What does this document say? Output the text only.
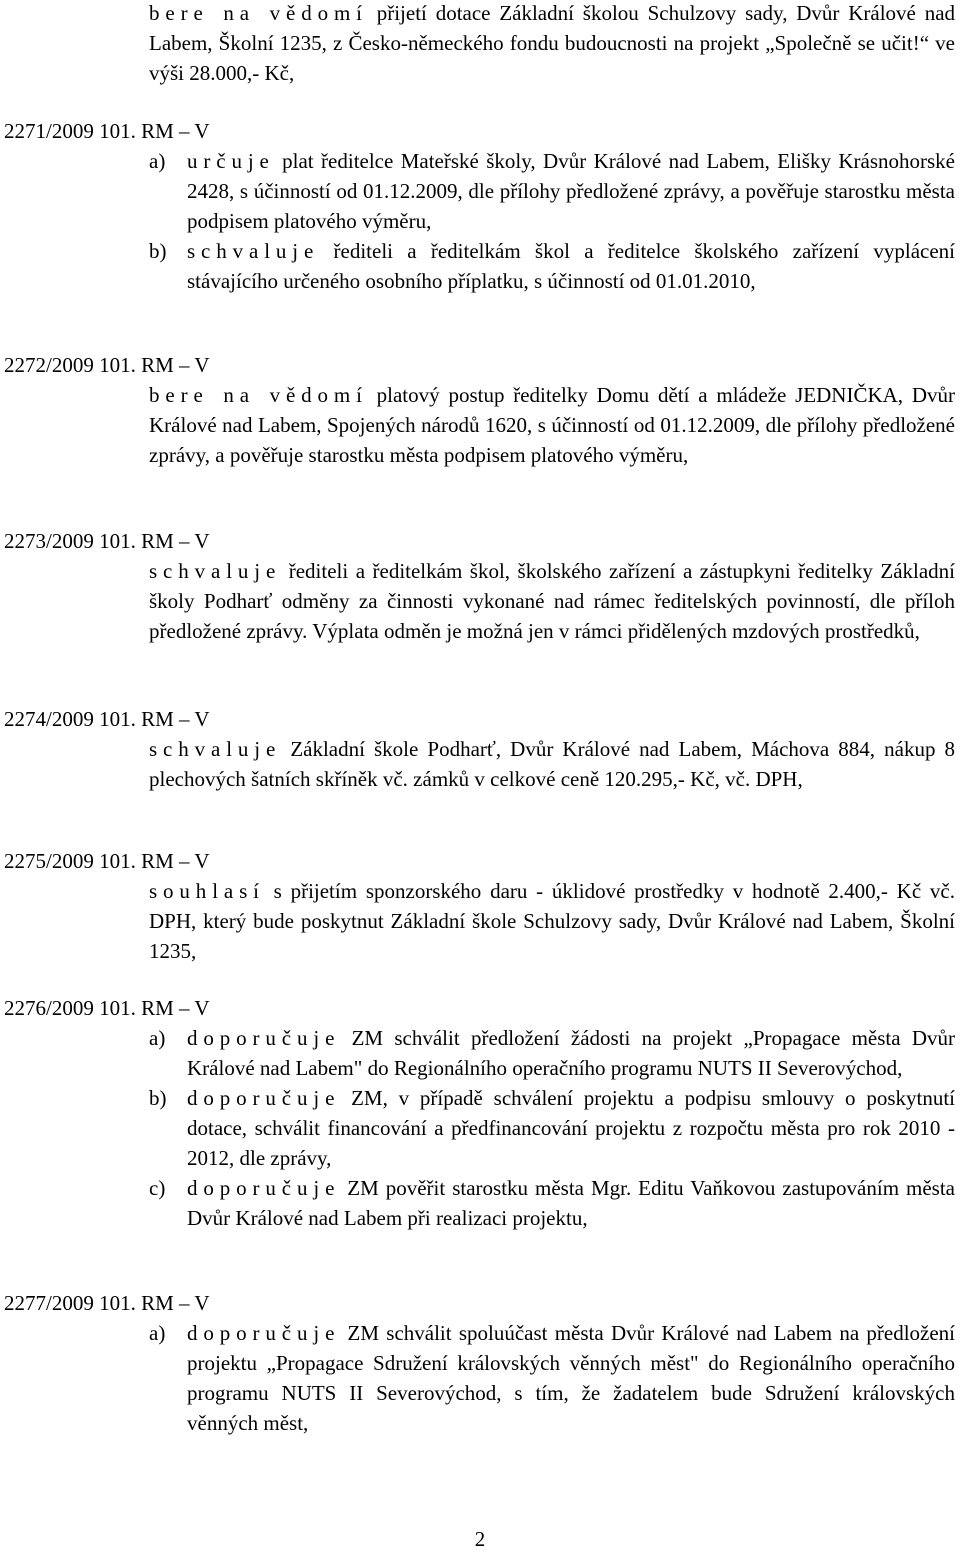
bere na vědomí přijetí dotace Základní školou Schulzovy sady, Dvůr Králové nad Labem, Školní 1235, z Česko-německého fondu budoucnosti na projekt „Společně se učit!“ ve výši 28.000,- Kč,
2271/2009 101. RM – V
a)	určuje plat ředitelce Mateřské školy, Dvůr Králové nad Labem, Elišky Krásnohorské 2428, s účinností od 01.12.2009, dle přílohy předložené zprávy, a pověřuje starostku města podpisem platového výměru,
b) schvaluje řediteli a ředitelkám škol a ředitelce školského zařízení vyplácení stávajícího určeného osobního příplatku, s účinností od 01.01.2010,
2272/2009 101. RM – V
bere na vědomí platový postup ředitelky Domu dětí a mládeže JEDNIČKA, Dvůr Králové nad Labem, Spojených národů 1620, s účinností od 01.12.2009, dle přílohy předložené zprávy, a pověřuje starostku města podpisem platového výměru,
2273/2009 101. RM – V
schvaluje řediteli a ředitelkám škol, školského zařízení a zástupkyni ředitelky Základní školy Podharť odměny za činnosti vykonané nad rámec ředitelských povinností, dle příloh předložené zprávy. Výplata odměn je možná jen v rámci přidělených mzdových prostředků,
2274/2009 101. RM – V
schvaluje Základní škole Podharť, Dvůr Králové nad Labem, Máchova 884, nákup 8 plechových šatních skříněk vč. zámků v celkové ceně 120.295,- Kč, vč. DPH,
2275/2009 101. RM – V
souhlasí s přijetím sponzorského daru - úklidové prostředky v hodnotě 2.400,- Kč vč. DPH, který bude poskytnut Základní škole Schulzovy sady, Dvůr Králové nad Labem, Školní 1235,
2276/2009 101. RM – V
a)	doporučuje ZM schválit předložení žádosti na projekt „Propagace města Dvůr Králové nad Labem" do Regionálního operačního programu NUTS II Severovýchod,
b) doporučuje ZM, v případě schválení projektu a podpisu smlouvy o poskytnutí dotace, schválit financování a předfinancování projektu z rozpočtu města pro rok 2010 - 2012, dle zprávy,
c)	doporučuje ZM pověřit starostku města Mgr. Editu Vaňkovou zastupováním města Dvůr Králové nad Labem při realizaci projektu,
2277/2009 101. RM – V
a)	doporučuje ZM schválit spoluúčast města Dvůr Králové nad Labem na předložení projektu „Propagace Sdružení královských věnných měst" do Regionálního operačního programu NUTS II Severovýchod, s tím, že žadatelem bude Sdružení královských věnných měst,
2
